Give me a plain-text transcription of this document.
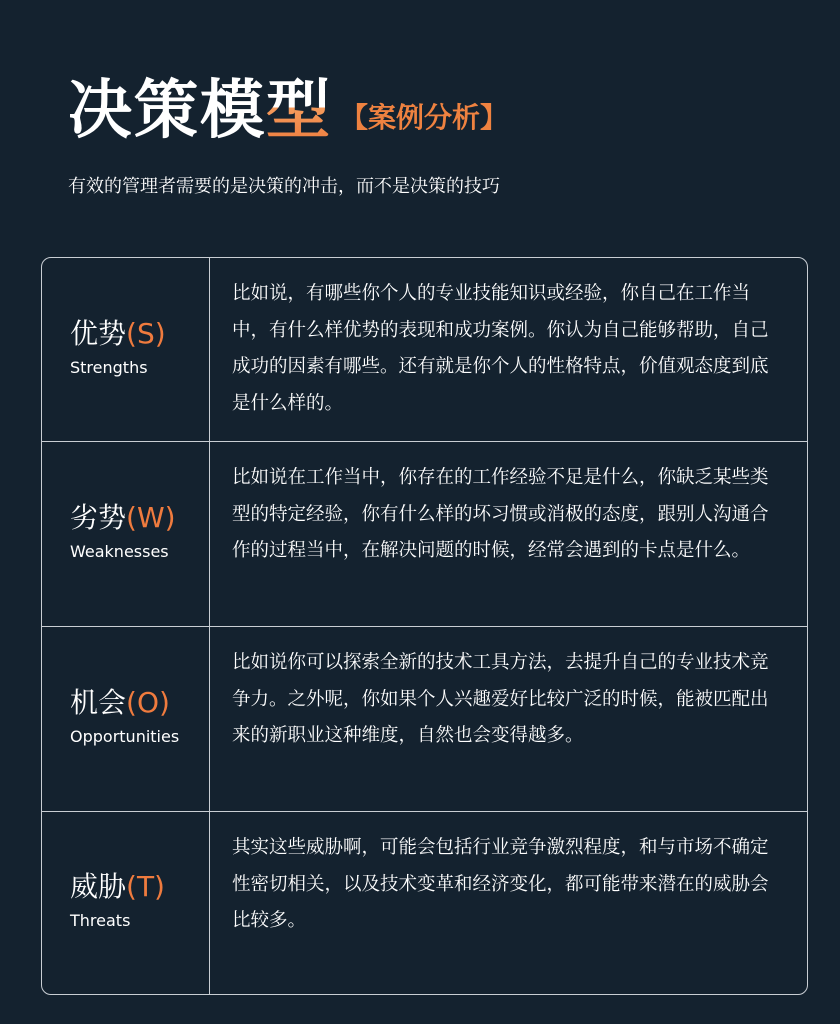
决策模型 【案例分析】
有效的管理者需要的是决策的冲击，而不是决策的技巧
优势(S)
Strengths
比如说，有哪些你个人的专业技能知识或经验，你自己在工作当中，有什么样优势的表现和成功案例。你认为自己能够帮助，自己成功的因素有哪些。还有就是你个人的性格特点，价值观态度到底是什么样的。
劣势(W)
Weaknesses
比如说在工作当中，你存在的工作经验不足是什么，你缺乏某些类型的特定经验，你有什么样的坏习惯或消极的态度，跟别人沟通合作的过程当中，在解决问题的时候，经常会遇到的卡点是什么。
机会(O)
Opportunities
比如说你可以探索全新的技术工具方法，去提升自己的专业技术竞争力。之外呢，你如果个人兴趣爱好比较广泛的时候，能被匹配出来的新职业这种维度，自然也会变得越多。
威胁(T)
Threats
其实这些威胁啊，可能会包括行业竞争激烈程度，和与市场不确定性密切相关，以及技术变革和经济变化，都可能带来潜在的威胁会比较多。
